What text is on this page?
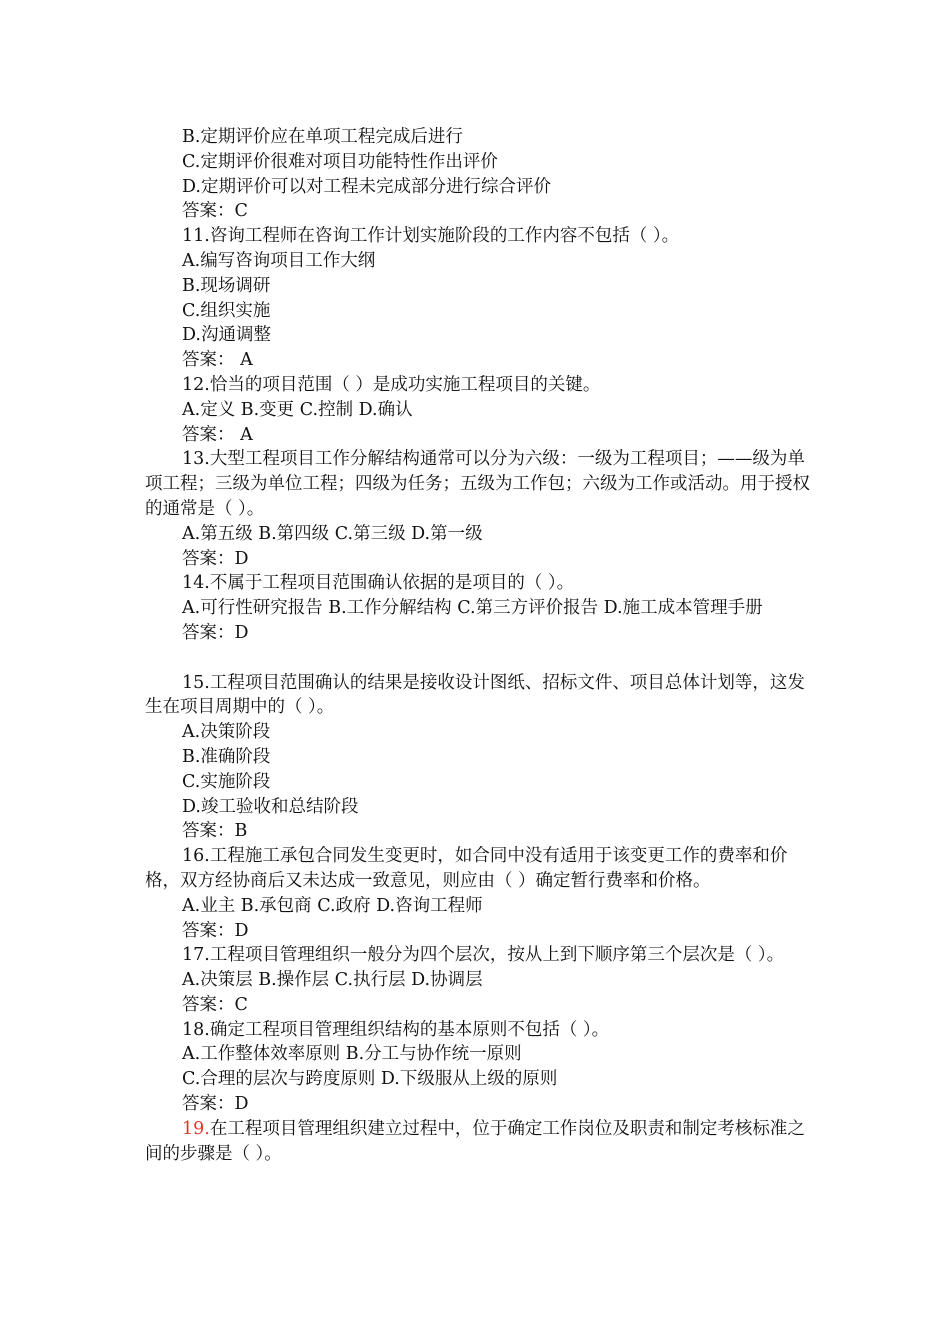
B.定期评价应在单项工程完成后进行
C.定期评价很难对项目功能特性作出评价
D.定期评价可以对工程未完成部分进行综合评价
答案：C
11.咨询工程师在咨询工作计划实施阶段的工作内容不包括（ ）。
A.编写咨询项目工作大纲
B.现场调研
C.组织实施
D.沟通调整
答案： A
12.恰当的项目范围（ ）是成功实施工程项目的关键。
A.定义 B.变更 C.控制 D.确认
答案： A
13.大型工程项目工作分解结构通常可以分为六级：一级为工程项目；——级为单项工程；三级为单位工程；四级为任务；五级为工作包；六级为工作或活动。用于授权的通常是（ ）。
A.第五级 B.第四级 C.第三级 D.第一级
答案：D
14.不属于工程项目范围确认依据的是项目的（ ）。
A.可行性研究报告 B.工作分解结构 C.第三方评价报告 D.施工成本管理手册
答案：D
15.工程项目范围确认的结果是接收设计图纸、招标文件、项目总体计划等，这发生在项目周期中的（ ）。
A.决策阶段
B.准确阶段
C.实施阶段
D.竣工验收和总结阶段
答案：B
16.工程施工承包合同发生变更时，如合同中没有适用于该变更工作的费率和价格，双方经协商后又未达成一致意见，则应由（ ）确定暂行费率和价格。
A.业主 B.承包商 C.政府 D.咨询工程师
答案：D
17.工程项目管理组织一般分为四个层次，按从上到下顺序第三个层次是（ ）。
A.决策层 B.操作层 C.执行层 D.协调层
答案：C
18.确定工程项目管理组织结构的基本原则不包括（ ）。
A.工作整体效率原则 B.分工与协作统一原则
C.合理的层次与跨度原则 D.下级服从上级的原则
答案：D
19.在工程项目管理组织建立过程中，位于确定工作岗位及职责和制定考核标准之间的步骤是（ ）。
